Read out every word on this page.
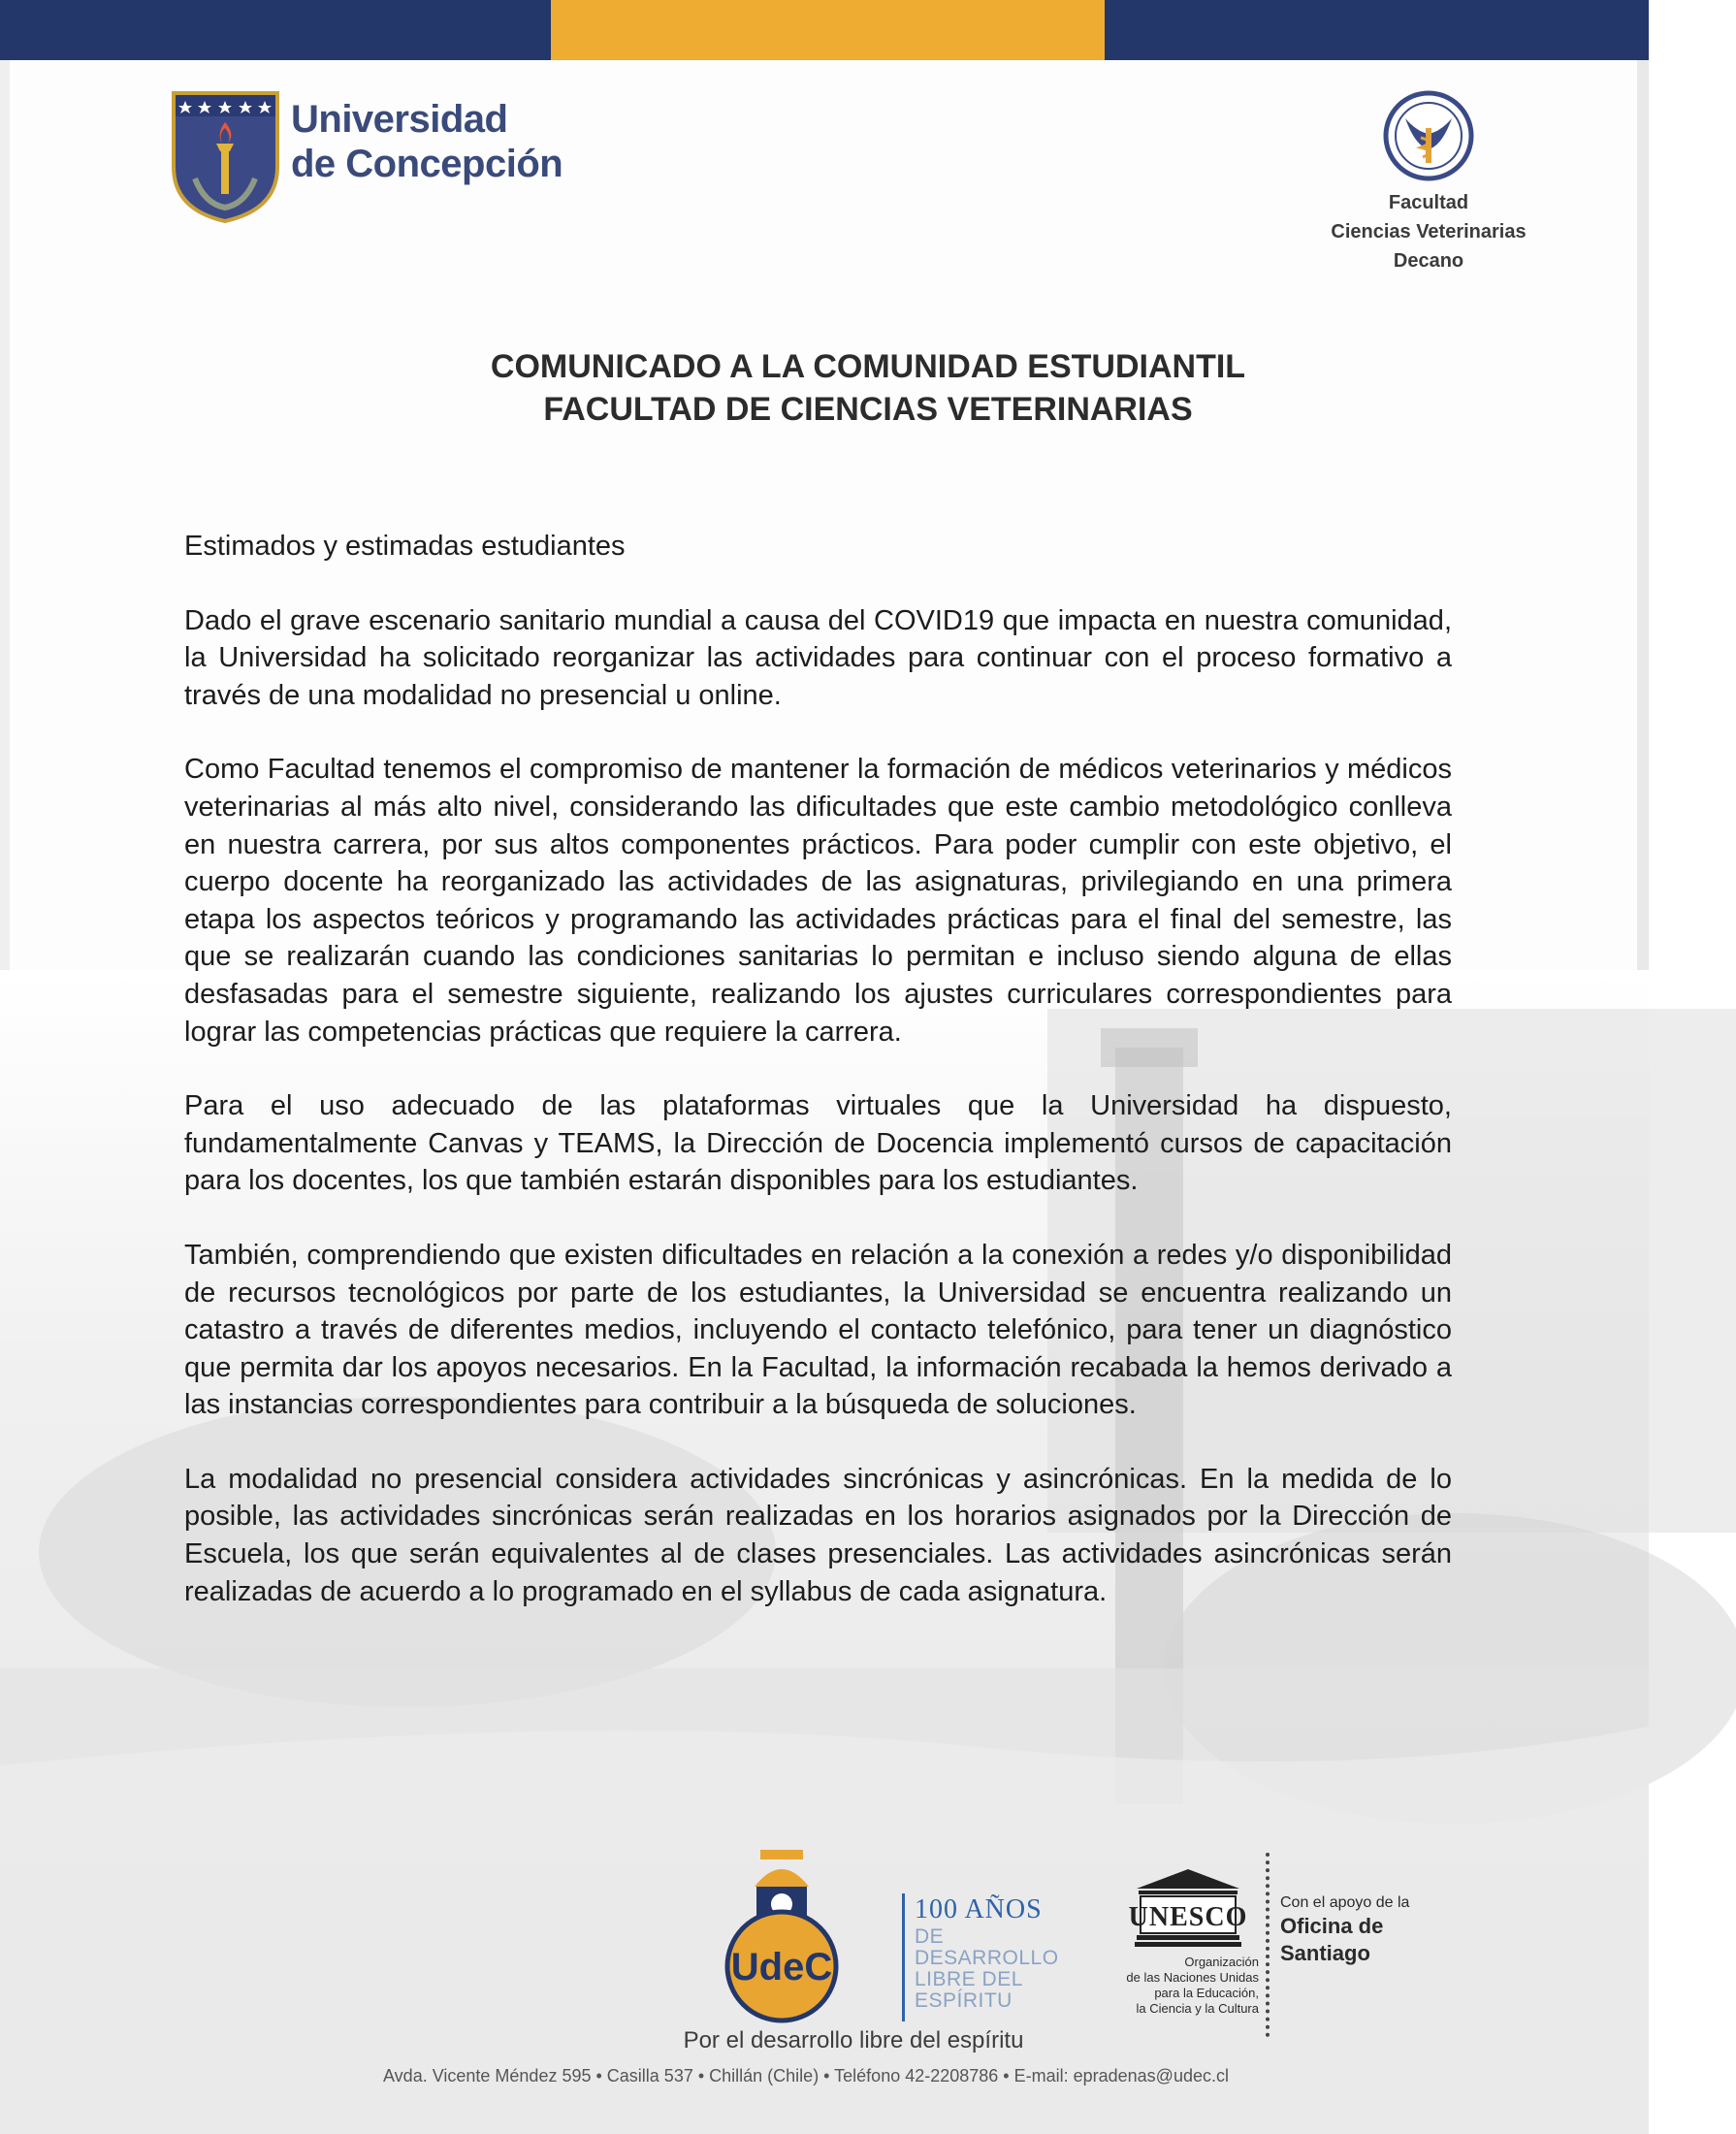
Universidad
de Concepción
Facultad
Ciencias Veterinarias
Decano
COMUNICADO A LA COMUNIDAD ESTUDIANTIL
FACULTAD DE CIENCIAS VETERINARIAS

Estimados y estimadas estudiantes

Dado el grave escenario sanitario mundial a causa del COVID19 que impacta en nuestra comunidad, la Universidad ha solicitado reorganizar las actividades para continuar con el proceso formativo a través de una modalidad no presencial u online.

Como Facultad tenemos el compromiso de mantener la formación de médicos veterinarios y médicos veterinarias al más alto nivel, considerando las dificultades que este cambio metodológico conlleva en nuestra carrera, por sus altos componentes prácticos. Para poder cumplir con este objetivo, el cuerpo docente ha reorganizado las actividades de las asignaturas, privilegiando en una primera etapa los aspectos teóricos y programando las actividades prácticas para el final del semestre, las que se realizarán cuando las condiciones sanitarias lo permitan e incluso siendo alguna de ellas desfasadas para el semestre siguiente, realizando los ajustes curriculares correspondientes para lograr las competencias prácticas que requiere la carrera.

Para el uso adecuado de las plataformas virtuales que la Universidad ha dispuesto, fundamentalmente Canvas y TEAMS, la Dirección de Docencia implementó cursos de capacitación para los docentes, los que también estarán disponibles para los estudiantes.

También, comprendiendo que existen dificultades en relación a la conexión a redes y/o disponibilidad de recursos tecnológicos por parte de los estudiantes, la Universidad se encuentra realizando un catastro a través de diferentes medios, incluyendo el contacto telefónico, para tener un diagnóstico que permita dar los apoyos necesarios. En la Facultad, la información recabada la hemos derivado a las instancias correspondientes para contribuir a la búsqueda de soluciones.

La modalidad no presencial considera actividades sincrónicas y asincrónicas. En la medida de lo posible, las actividades sincrónicas serán realizadas en los horarios asignados por la Dirección de Escuela, los que serán equivalentes al de clases presenciales. Las actividades asincrónicas serán realizadas de acuerdo a lo programado en el syllabus de cada asignatura.

UdeC
100 AÑOS
DE
DESARROLLO
LIBRE DEL
ESPÍRITU
UNESCO
Organización
de las Naciones Unidas
para la Educación,
la Ciencia y la Cultura
Con el apoyo de la
Oficina de
Santiago
Por el desarrollo libre del espíritu
Avda. Vicente Méndez 595 • Casilla 537 • Chillán (Chile) • Teléfono 42-2208786 • E-mail: epradenas@udec.cl
